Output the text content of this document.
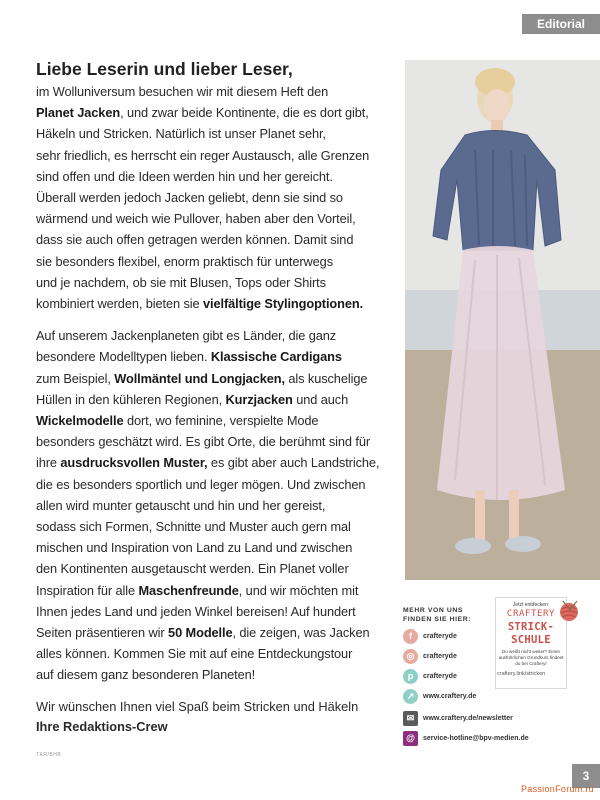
Editorial
Liebe Leserin und lieber Leser,

im Wolluniversum besuchen wir mit diesem Heft den
Planet Jacken, und zwar beide Kontinente, die es dort gibt,
Häkeln und Stricken. Natürlich ist unser Planet sehr,
sehr friedlich, es herrscht ein reger Austausch, alle Grenzen
sind offen und die Ideen werden hin und her gereicht.
Überall werden jedoch Jacken geliebt, denn sie sind so
wärmend und weich wie Pullover, haben aber den Vorteil,
dass sie auch offen getragen werden können. Damit sind
sie besonders flexibel, enorm praktisch für unterwegs
und je nachdem, ob sie mit Blusen, Tops oder Shirts
kombiniert werden, bieten sie vielfältige Stylingoptionen.

Auf unserem Jackenplaneten gibt es Länder, die ganz
besondere Modelltypen lieben. Klassische Cardigans
zum Beispiel, Wollmäntel und Longjacken, als kuschelige
Hüllen in den kühleren Regionen, Kurzjacken und auch
Wickelmodelle dort, wo feminine, verspielte Mode
besonders geschätzt wird. Es gibt Orte, die berühmt sind für
ihre ausdrucksvollen Muster, es gibt aber auch Landstriche,
die es besonders sportlich und leger mögen. Und zwischen
allen wird munter getauscht und hin und her gereist,
sodass sich Formen, Schnitte und Muster auch gern mal
mischen und Inspiration von Land zu Land und zwischen
den Kontinenten ausgetauscht werden. Ein Planet voller
Inspiration für alle Maschenfreunde, und wir möchten mit
Ihnen jedes Land und jeden Winkel bereisen! Auf hundert
Seiten präsentieren wir 50 Modelle, die zeigen, was Jacken
alles können. Kommen Sie mit auf eine Entdeckungstour
auf diesem ganz besonderen Planeten!

Wir wünschen Ihnen viel Spaß beim Stricken und Häkeln
Ihre Redaktions-Crew
TKR/BHB
MEHR VON UNS
FINDEN SIE HIER:
f	crafteryde
◎	crafteryde
p	crafteryde
↗	www.craftery.de
✉	www.craftery.de/newsletter
@	service-hotline@bpv-medien.de
Jetzt entdecken:
CRAFTERY
STRICK-
SCHULE
Du weißt nicht weiter? Einen ausführlichen Grundkurs findest du bei Craftery!
craftery.link/stricken
3
PassionForum.ru
